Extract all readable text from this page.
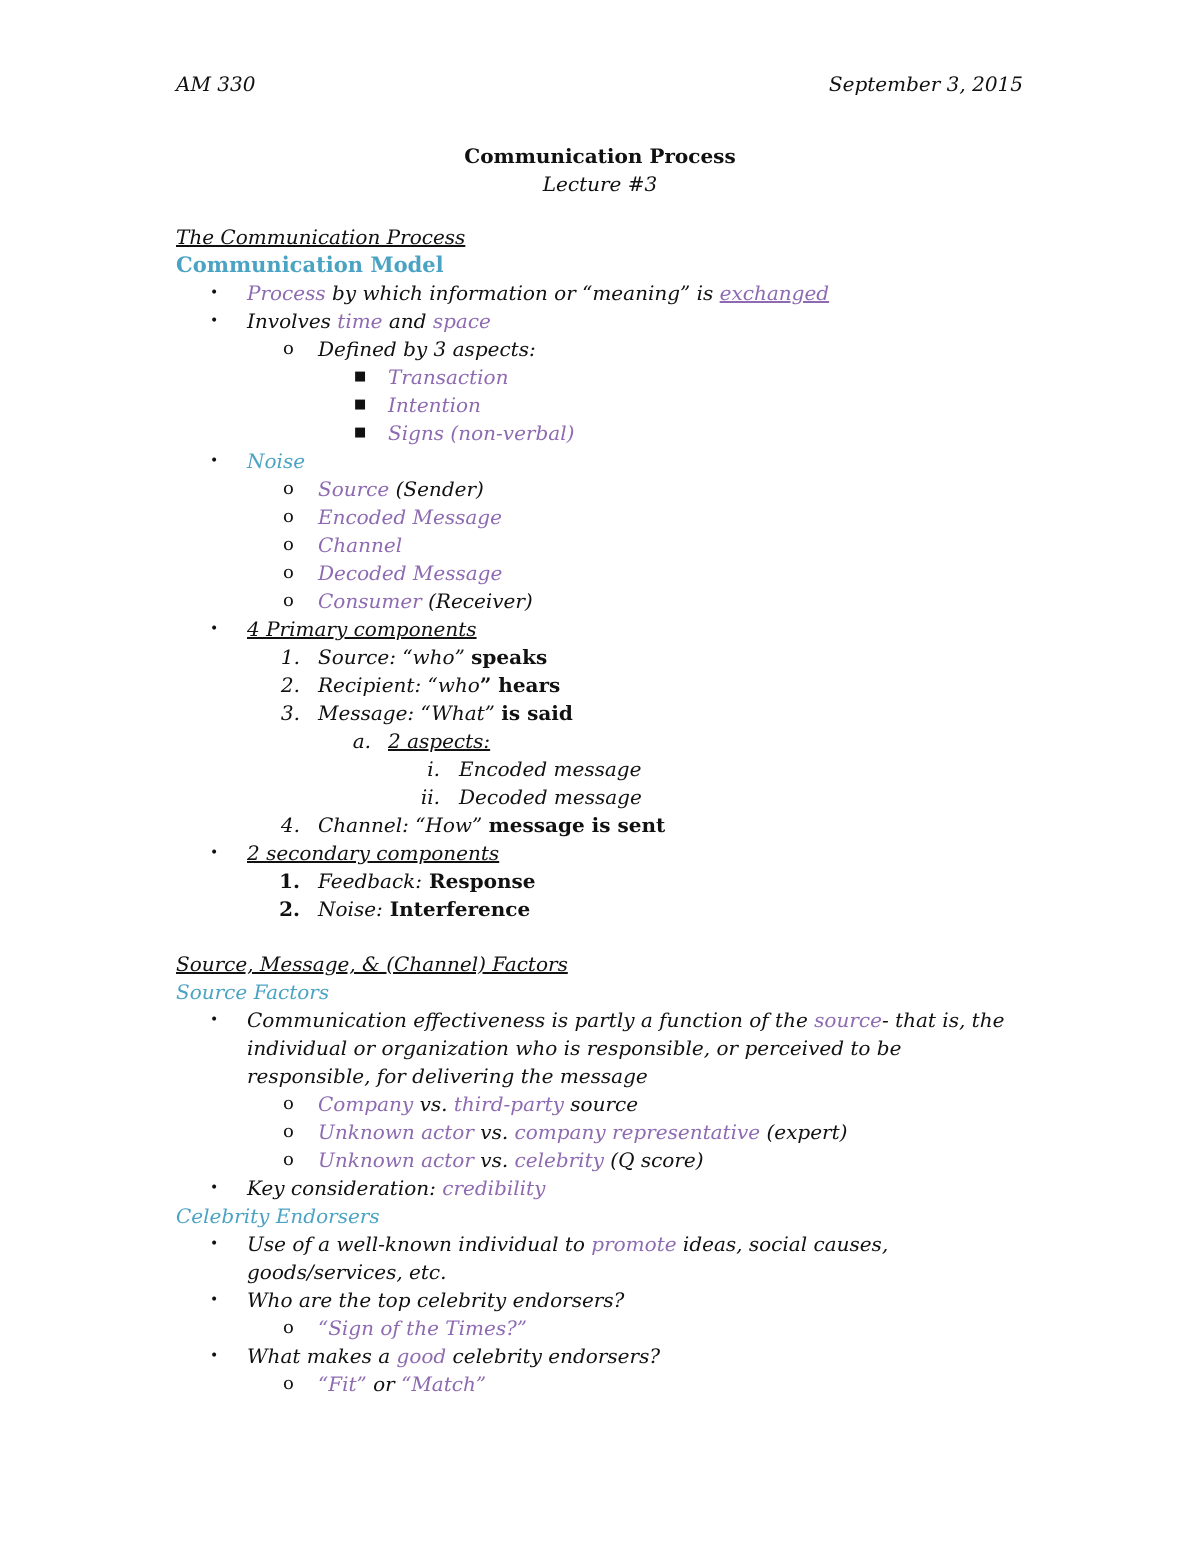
AM 330	September 3, 2015
Communication Process
Lecture #3
The Communication Process
Communication Model
• Process by which information or “meaning” is exchanged
• Involves time and space
o Defined by 3 aspects:
■ Transaction
■ Intention
■ Signs (non-verbal)
• Noise
o Source (Sender)
o Encoded Message
o Channel
o Decoded Message
o Consumer (Receiver)
• 4 Primary components
1. Source: “who” speaks
2. Recipient: “who” hears
3. Message: “What” is said
a. 2 aspects:
i. Encoded message
ii. Decoded message
4. Channel: “How” message is sent
• 2 secondary components
1. Feedback: Response
2. Noise: Interference
Source, Message, & (Channel) Factors
Source Factors
• Communication effectiveness is partly a function of the source- that is, the individual or organization who is responsible, or perceived to be responsible, for delivering the message
o Company vs. third-party source
o Unknown actor vs. company representative (expert)
o Unknown actor vs. celebrity (Q score)
• Key consideration: credibility
Celebrity Endorsers
• Use of a well-known individual to promote ideas, social causes, goods/services, etc.
• Who are the top celebrity endorsers?
o “Sign of the Times?”
• What makes a good celebrity endorsers?
o “Fit” or “Match”
